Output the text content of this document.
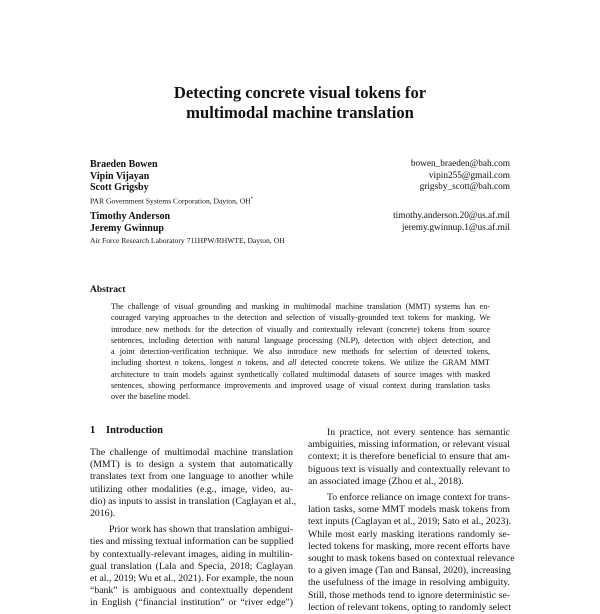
Detecting concrete visual tokens for
multimodal machine translation
Braeden Bowen	bowen_braeden@bah.com
Vipin Vijayan	vipin255@gmail.com
Scott Grigsby	grigsby_scott@bah.com
PAR Government Systems Corporation, Dayton, OH*
Timothy Anderson	timothy.anderson.20@us.af.mil
Jeremy Gwinnup	jeremy.gwinnup.1@us.af.mil
Air Force Research Laboratory 711HPW/RHWTE, Dayton, OH
Abstract
The challenge of visual grounding and masking in multimodal machine translation (MMT) systems has en-
couraged varying approaches to the detection and selection of visually-grounded text tokens for masking. We
introduce new methods for the detection of visually and contextually relevant (concrete) tokens from source
sentences, including detection with natural language processing (NLP), detection with object detection, and
a joint detection-verification technique. We also introduce new methods for selection of detected tokens,
including shortest n tokens, longest n tokens, and all detected concrete tokens. We utilize the GRAM MMT
architecture to train models against synthetically collated multimodal datasets of source images with masked
sentences, showing performance improvements and improved usage of visual context during translation tasks
over the baseline model.
1 Introduction
The challenge of multimodal machine translation
(MMT) is to design a system that automatically
translates text from one language to another while
utilizing other modalities (e.g., image, video, au-
dio) as inputs to assist in translation (Caglayan et al.,
2016).
Prior work has shown that translation ambigui-
ties and missing textual information can be supplied
by contextually-relevant images, aiding in multilin-
gual translation (Lala and Specia, 2018; Caglayan
et al., 2019; Wu et al., 2021). For example, the noun
“bank” is ambiguous and contextually dependent
in English (“financial institution” or “river edge”)
In practice, not every sentence has semantic
ambiguities, missing information, or relevant visual
context; it is therefore beneficial to ensure that am-
biguous text is visually and contextually relevant to
an associated image (Zhou et al., 2018).
To enforce reliance on image context for trans-
lation tasks, some MMT models mask tokens from
text inputs (Caglayan et al., 2019; Sato et al., 2023).
While most early masking iterations randomly se-
lected tokens for masking, more recent efforts have
sought to mask tokens based on contextual relevance
to a given image (Tan and Bansal, 2020), increasing
the usefulness of the image in resolving ambiguity.
Still, those methods tend to ignore deterministic se-
lection of relevant tokens, opting to randomly select
